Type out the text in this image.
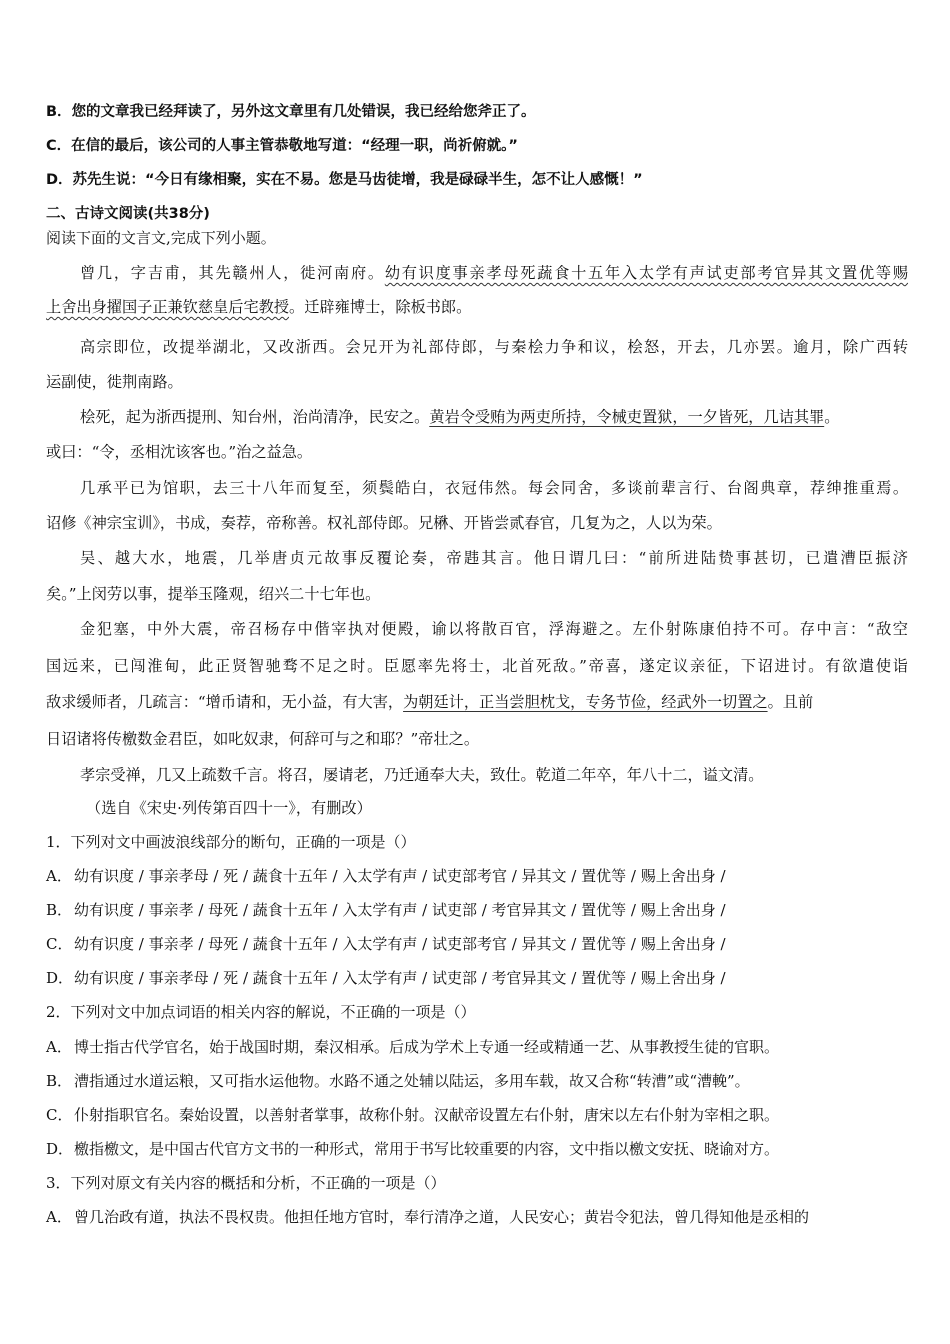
B．您的文章我已经拜读了，另外这文章里有几处错误，我已经给您斧正了。
C．在信的最后，该公司的人事主管恭敬地写道：“经理一职，尚祈俯就。”
D．苏先生说：“今日有缘相聚，实在不易。您是马齿徒增，我是碌碌半生，怎不让人感慨！”
二、古诗文阅读(共38分)
阅读下面的文言文,完成下列小题。
曾几，字吉甫，其先赣州人，徙河南府。幼有识度事亲孝母死蔬食十五年入太学有声试吏部考官异其文置优等赐
上舍出身擢国子正兼钦慈皇后宅教授。迁辟雍博士，除板书郎。
高宗即位，改提举湖北，又改浙西。会兄开为礼部侍郎，与秦桧力争和议，桧怒，开去，几亦罢。逾月，除广西转
运副使，徙荆南路。
桧死，起为浙西提刑、知台州，治尚清净，民安之。黄岩令受贿为两吏所持，令械吏置狱，一夕皆死，几诘其罪。
或曰：“令，丞相沈该客也。”治之益急。
几承平已为馆职，去三十八年而复至，须鬓皓白，衣冠伟然。每会同舍，多谈前辈言行、台阁典章，荐绅推重焉。
诏修《神宗宝训》，书成，奏荐，帝称善。权礼部侍郎。兄楙、开皆尝贰春官，几复为之，人以为荣。
吴、越大水，地震，几举唐贞元故事反覆论奏，帝韪其言。他日谓几曰：“前所进陆贽事甚切，已遣漕臣振济
矣。”上闵劳以事，提举玉隆观，绍兴二十七年也。
金犯塞，中外大震，帝召杨存中偕宰执对便殿，谕以将散百官，浮海避之。左仆射陈康伯持不可。存中言：“敌空
国远来，已闯淮甸，此正贤智驰骛不足之时。臣愿率先将士，北首死敌。”帝喜，遂定议亲征，下诏进讨。有欲遣使诣
敌求缓师者，几疏言：“增币请和，无小益，有大害，为朝廷计，正当尝胆枕戈，专务节俭，经武外一切置之。且前
日诏诸将传檄数金君臣，如叱奴隶，何辞可与之和耶？”帝壮之。
孝宗受禅，几又上疏数千言。将召，屡请老，乃迁通奉大夫，致仕。乾道二年卒，年八十二，谥文清。
（选自《宋史·列传第百四十一》，有删改）
1．下列对文中画波浪线部分的断句，正确的一项是（）
A． 幼有识度 / 事亲孝母 / 死 / 蔬食十五年 / 入太学有声 / 试吏部考官 / 异其文 / 置优等 / 赐上舍出身 /
B． 幼有识度 / 事亲孝 / 母死 / 蔬食十五年 / 入太学有声 / 试吏部 / 考官异其文 / 置优等 / 赐上舍出身 /
C． 幼有识度 / 事亲孝 / 母死 / 蔬食十五年 / 入太学有声 / 试吏部考官 / 异其文 / 置优等 / 赐上舍出身 /
D．幼有识度 / 事亲孝母 / 死 / 蔬食十五年 / 入太学有声 / 试吏部 / 考官异其文 / 置优等 / 赐上舍出身 /
2．下列对文中加点词语的相关内容的解说，不正确的一项是（）
A． 博士指古代学官名，始于战国时期，秦汉相承。后成为学术上专通一经或精通一艺、从事教授生徒的官职。
B． 漕指通过水道运粮，又可指水运他物。水路不通之处辅以陆运，多用车载，故又合称“转漕”或“漕輓”。
C． 仆射指职官名。秦始设置，以善射者掌事，故称仆射。汉献帝设置左右仆射，唐宋以左右仆射为宰相之职。
D．檄指檄文，是中国古代官方文书的一种形式，常用于书写比较重要的内容，文中指以檄文安抚、晓谕对方。
3．下列对原文有关内容的概括和分析，不正确的一项是（）
A． 曾几治政有道，执法不畏权贵。他担任地方官时，奉行清净之道，人民安心；黄岩令犯法，曾几得知他是丞相的
